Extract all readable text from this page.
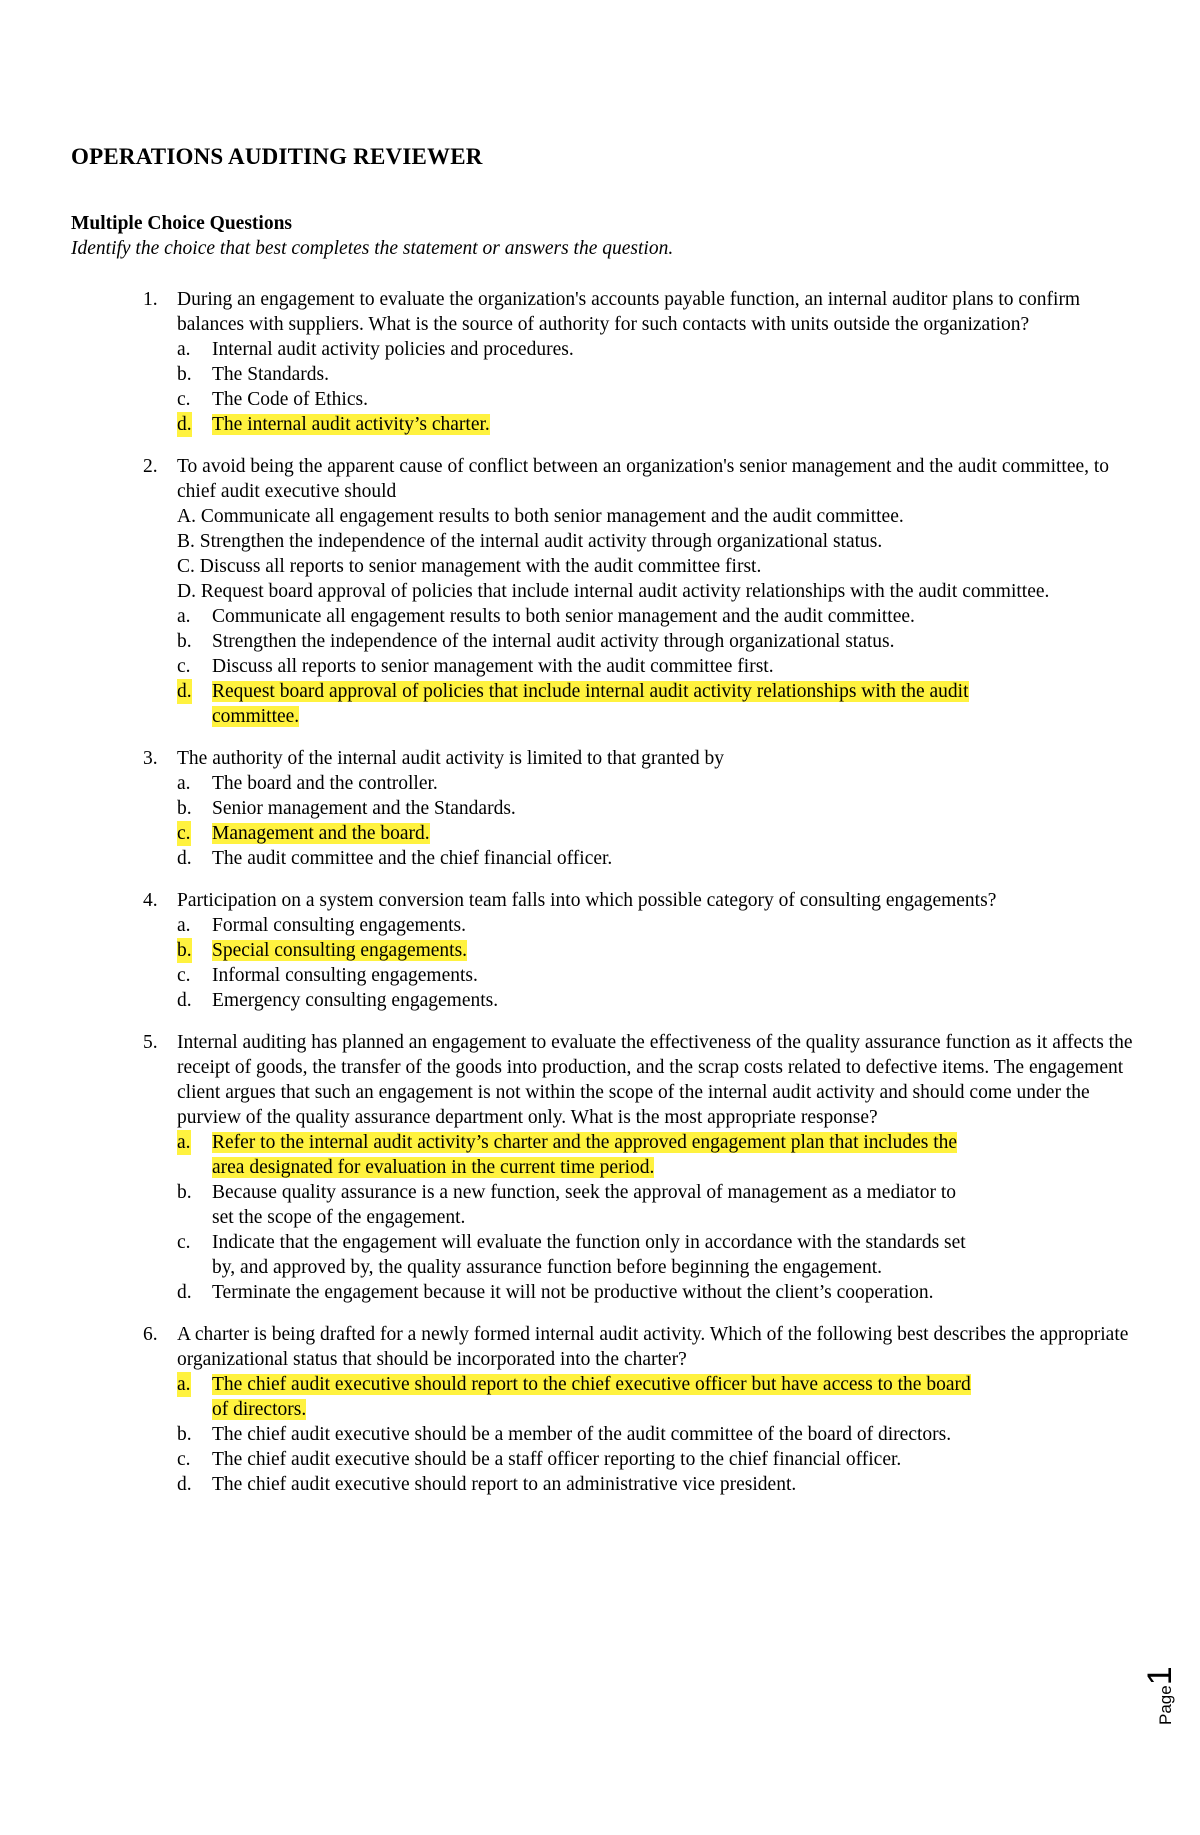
OPERATIONS AUDITING REVIEWER
Multiple Choice Questions
Identify the choice that best completes the statement or answers the question.
1. During an engagement to evaluate the organization's accounts payable function, an internal auditor plans to confirm balances with suppliers. What is the source of authority for such contacts with units outside the organization?
a. Internal audit activity policies and procedures.
b. The Standards.
c. The Code of Ethics.
d. The internal audit activity’s charter.
2. To avoid being the apparent cause of conflict between an organization's senior management and the audit committee, to chief audit executive should
A. Communicate all engagement results to both senior management and the audit committee.
B. Strengthen the independence of the internal audit activity through organizational status.
C. Discuss all reports to senior management with the audit committee first.
D. Request board approval of policies that include internal audit activity relationships with the audit committee.
a. Communicate all engagement results to both senior management and the audit committee.
b. Strengthen the independence of the internal audit activity through organizational status.
c. Discuss all reports to senior management with the audit committee first.
d. Request board approval of policies that include internal audit activity relationships with the audit committee.
3. The authority of the internal audit activity is limited to that granted by
a. The board and the controller.
b. Senior management and the Standards.
c. Management and the board.
d. The audit committee and the chief financial officer.
4. Participation on a system conversion team falls into which possible category of consulting engagements?
a. Formal consulting engagements.
b. Special consulting engagements.
c. Informal consulting engagements.
d. Emergency consulting engagements.
5. Internal auditing has planned an engagement to evaluate the effectiveness of the quality assurance function as it affects the receipt of goods, the transfer of the goods into production, and the scrap costs related to defective items. The engagement client argues that such an engagement is not within the scope of the internal audit activity and should come under the purview of the quality assurance department only. What is the most appropriate response?
a. Refer to the internal audit activity’s charter and the approved engagement plan that includes the area designated for evaluation in the current time period.
b. Because quality assurance is a new function, seek the approval of management as a mediator to set the scope of the engagement.
c. Indicate that the engagement will evaluate the function only in accordance with the standards set by, and approved by, the quality assurance function before beginning the engagement.
d. Terminate the engagement because it will not be productive without the client’s cooperation.
6. A charter is being drafted for a newly formed internal audit activity. Which of the following best describes the appropriate organizational status that should be incorporated into the charter?
a. The chief audit executive should report to the chief executive officer but have access to the board of directors.
b. The chief audit executive should be a member of the audit committee of the board of directors.
c. The chief audit executive should be a staff officer reporting to the chief financial officer.
d. The chief audit executive should report to an administrative vice president.
Page1
